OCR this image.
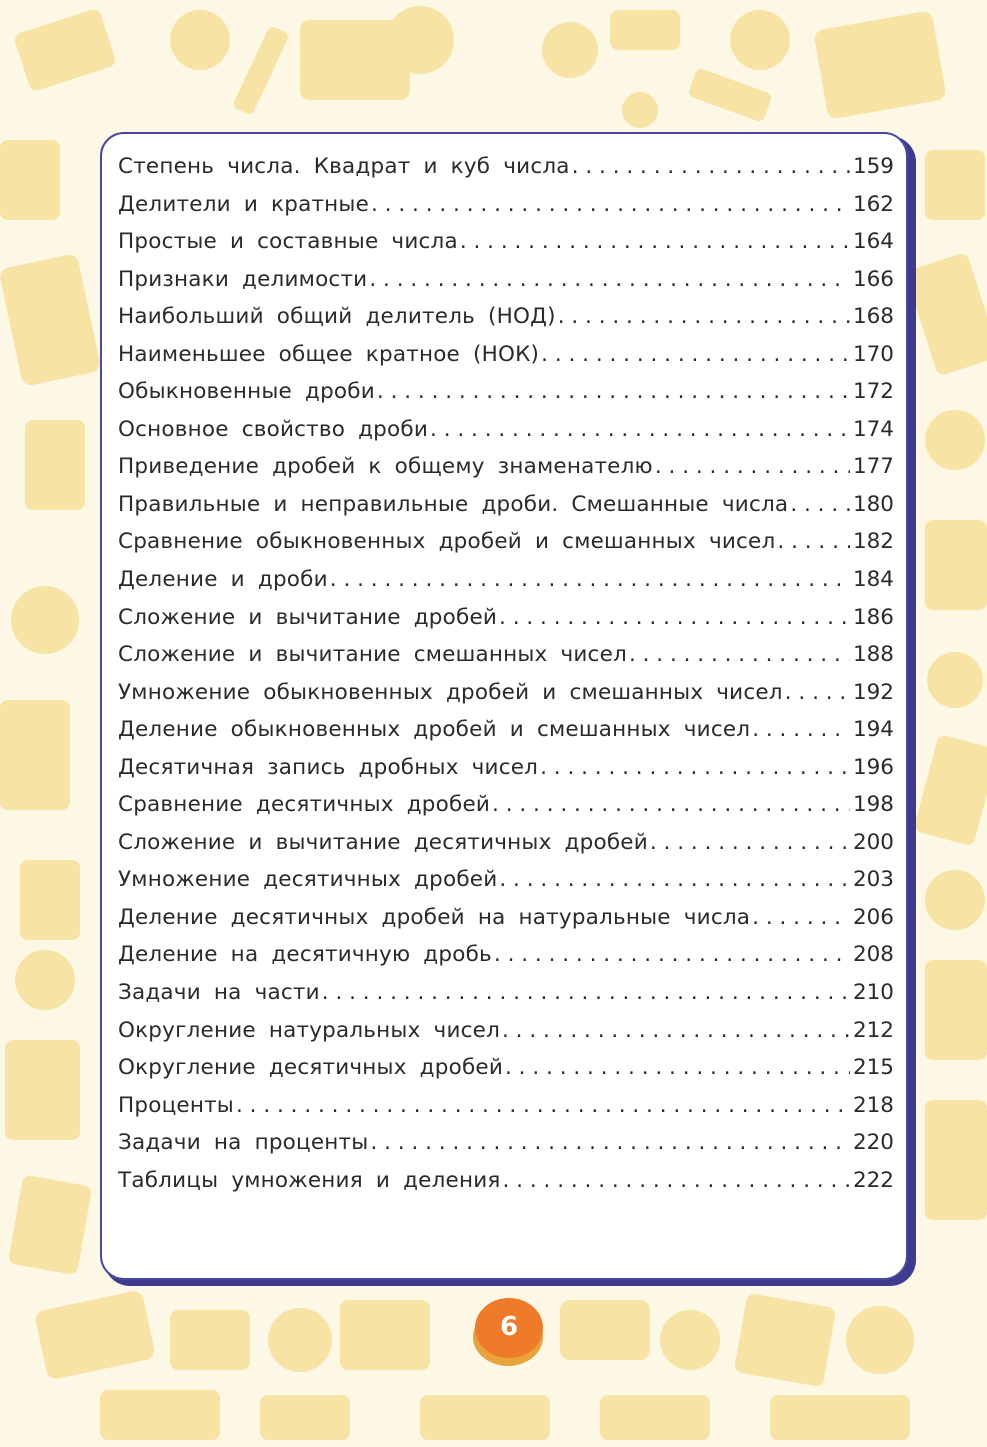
Степень числа. Квадрат и куб числа . . .	159
Делители и кратные . . .	162
Простые и составные числа . . .	164
Признаки делимости . . .	166
Наибольший общий делитель (НОД) . . .	168
Наименьшее общее кратное (НОК) . . .	170
Обыкновенные дроби . . .	172
Основное свойство дроби . . .	174
Приведение дробей к общему знаменателю . . .	177
Правильные и неправильные дроби. Смешанные числа . . .	180
Сравнение обыкновенных дробей и смешанных чисел . . .	182
Деление и дроби . . .	184
Сложение и вычитание дробей . . .	186
Сложение и вычитание смешанных чисел . . .	188
Умножение обыкновенных дробей и смешанных чисел . . .	192
Деление обыкновенных дробей и смешанных чисел . . .	194
Десятичная запись дробных чисел . . .	196
Сравнение десятичных дробей . . .	198
Сложение и вычитание десятичных дробей . . .	200
Умножение десятичных дробей . . .	203
Деление десятичных дробей на натуральные числа . . .	206
Деление на десятичную дробь . . .	208
Задачи на части . . .	210
Округление натуральных чисел . . .	212
Округление десятичных дробей . . .	215
Проценты . . .	218
Задачи на проценты . . .	220
Таблицы умножения и деления . . .	222
6
